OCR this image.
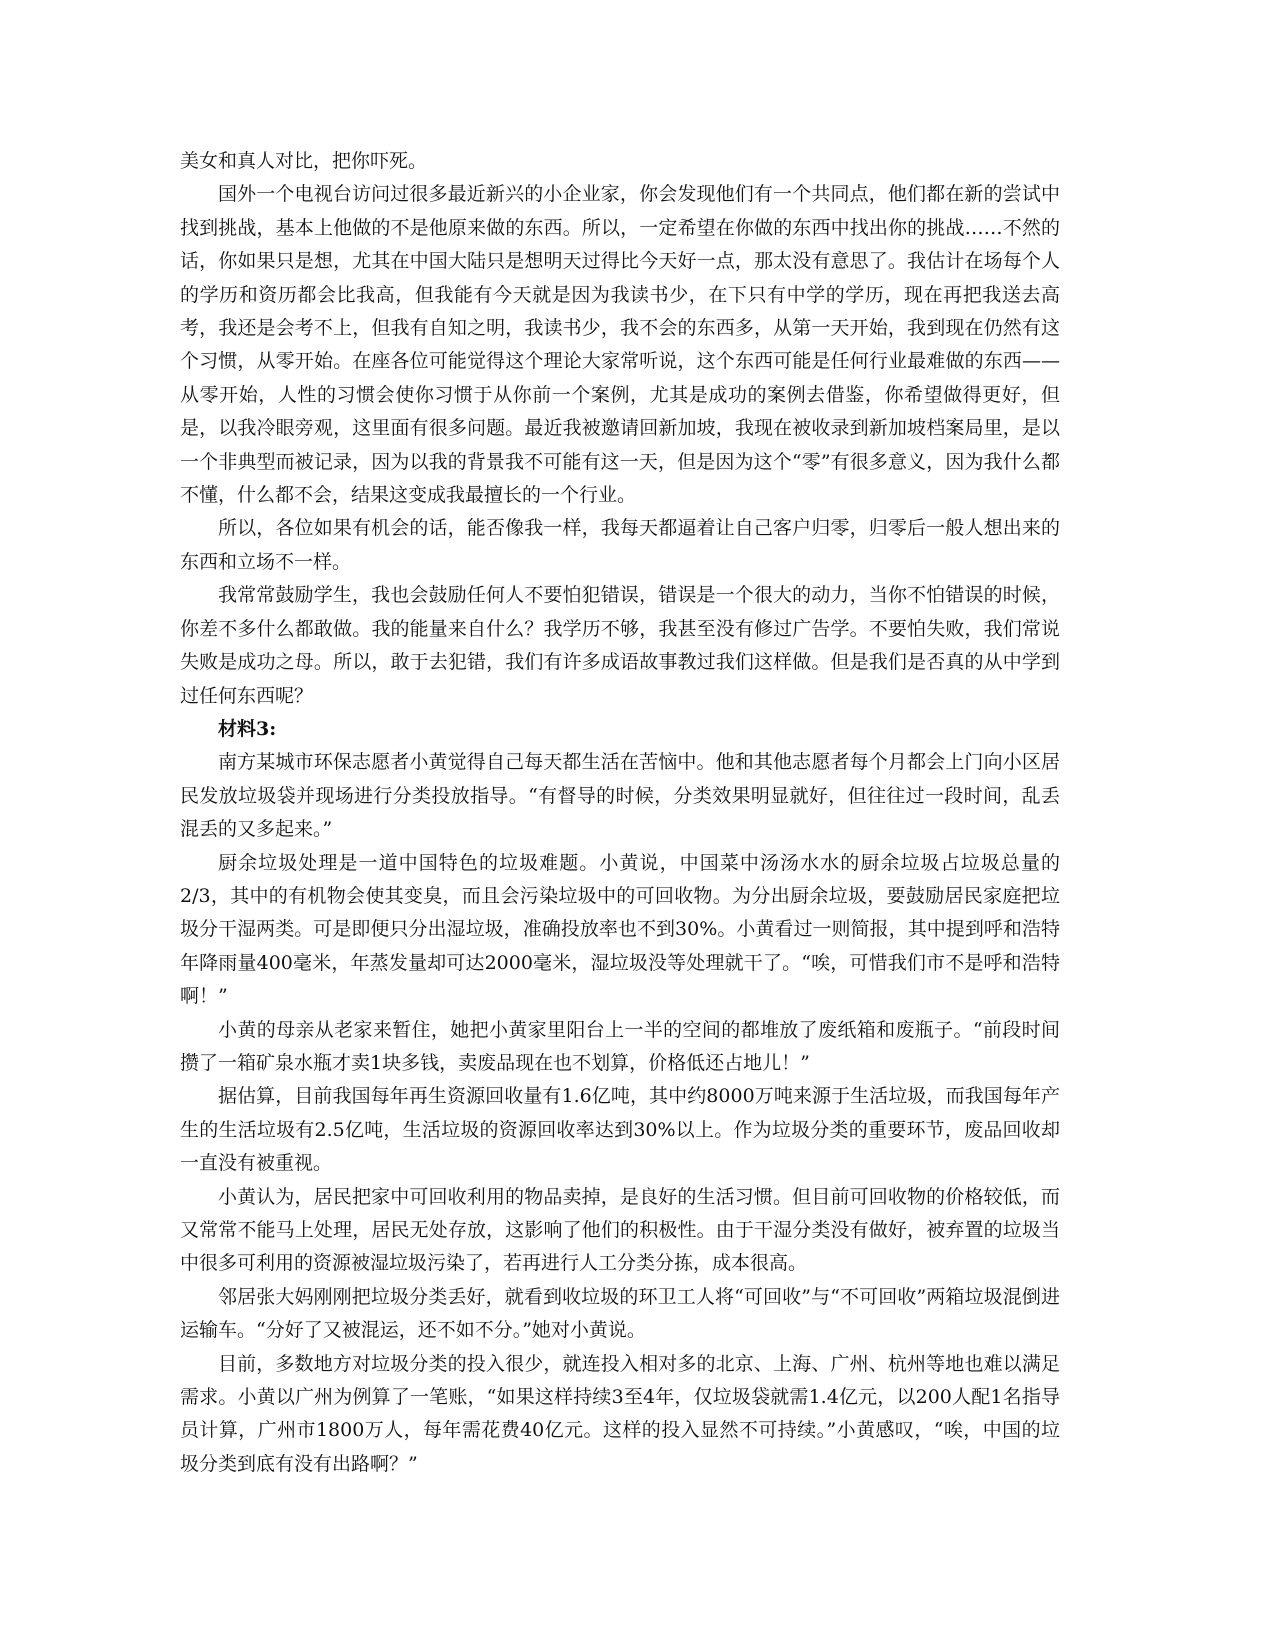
美女和真人对比，把你吓死。

国外一个电视台访问过很多最近新兴的小企业家，你会发现他们有一个共同点，他们都在新的尝试中找到挑战，基本上他做的不是他原来做的东西。所以，一定希望在你做的东西中找出你的挑战……不然的话，你如果只是想，尤其在中国大陆只是想明天过得比今天好一点，那太没有意思了。我估计在场每个人的学历和资历都会比我高，但我能有今天就是因为我读书少，在下只有中学的学历，现在再把我送去高考，我还是会考不上，但我有自知之明，我读书少，我不会的东西多，从第一天开始，我到现在仍然有这个习惯，从零开始。在座各位可能觉得这个理论大家常听说，这个东西可能是任何行业最难做的东西——从零开始，人性的习惯会使你习惯于从你前一个案例，尤其是成功的案例去借鉴，你希望做得更好，但是，以我冷眼旁观，这里面有很多问题。最近我被邀请回新加坡，我现在被收录到新加坡档案局里，是以一个非典型而被记录，因为以我的背景我不可能有这一天，但是因为这个“零”有很多意义，因为我什么都不懂，什么都不会，结果这变成我最擅长的一个行业。

所以，各位如果有机会的话，能否像我一样，我每天都逼着让自己客户归零，归零后一般人想出来的东西和立场不一样。

我常常鼓励学生，我也会鼓励任何人不要怕犯错误，错误是一个很大的动力，当你不怕错误的时候，你差不多什么都敢做。我的能量来自什么？我学历不够，我甚至没有修过广告学。不要怕失败，我们常说失败是成功之母。所以，敢于去犯错，我们有许多成语故事教过我们这样做。但是我们是否真的从中学到过任何东西呢？

材料3:

南方某城市环保志愿者小黄觉得自己每天都生活在苦恼中。他和其他志愿者每个月都会上门向小区居民发放垃圾袋并现场进行分类投放指导。“有督导的时候，分类效果明显就好，但往往过一段时间，乱丢混丢的又多起来。”

厨余垃圾处理是一道中国特色的垃圾难题。小黄说，中国菜中汤汤水水的厨余垃圾占垃圾总量的2/3，其中的有机物会使其变臭，而且会污染垃圾中的可回收物。为分出厨余垃圾，要鼓励居民家庭把垃圾分干湿两类。可是即便只分出湿垃圾，准确投放率也不到30%。小黄看过一则简报，其中提到呼和浩特年降雨量400毫米，年蒸发量却可达2000毫米，湿垃圾没等处理就干了。“唉，可惜我们市不是呼和浩特啊！”

小黄的母亲从老家来暂住，她把小黄家里阳台上一半的空间的都堆放了废纸箱和废瓶子。“前段时间攒了一箱矿泉水瓶才卖1块多钱，卖废品现在也不划算，价格低还占地儿！”

据估算，目前我国每年再生资源回收量有1.6亿吨，其中约8000万吨来源于生活垃圾，而我国每年产生的生活垃圾有2.5亿吨，生活垃圾的资源回收率达到30%以上。作为垃圾分类的重要环节，废品回收却一直没有被重视。

小黄认为，居民把家中可回收利用的物品卖掉，是良好的生活习惯。但目前可回收物的价格较低，而又常常不能马上处理，居民无处存放，这影响了他们的积极性。由于干湿分类没有做好，被弃置的垃圾当中很多可利用的资源被湿垃圾污染了，若再进行人工分类分拣，成本很高。

邻居张大妈刚刚把垃圾分类丢好，就看到收垃圾的环卫工人将“可回收”与“不可回收”两箱垃圾混倒进运输车。“分好了又被混运，还不如不分。”她对小黄说。

目前，多数地方对垃圾分类的投入很少，就连投入相对多的北京、上海、广州、杭州等地也难以满足需求。小黄以广州为例算了一笔账，“如果这样持续3至4年，仅垃圾袋就需1.4亿元，以200人配1名指导员计算，广州市1800万人，每年需花费40亿元。这样的投入显然不可持续。”小黄感叹，“唉，中国的垃圾分类到底有没有出路啊？”
